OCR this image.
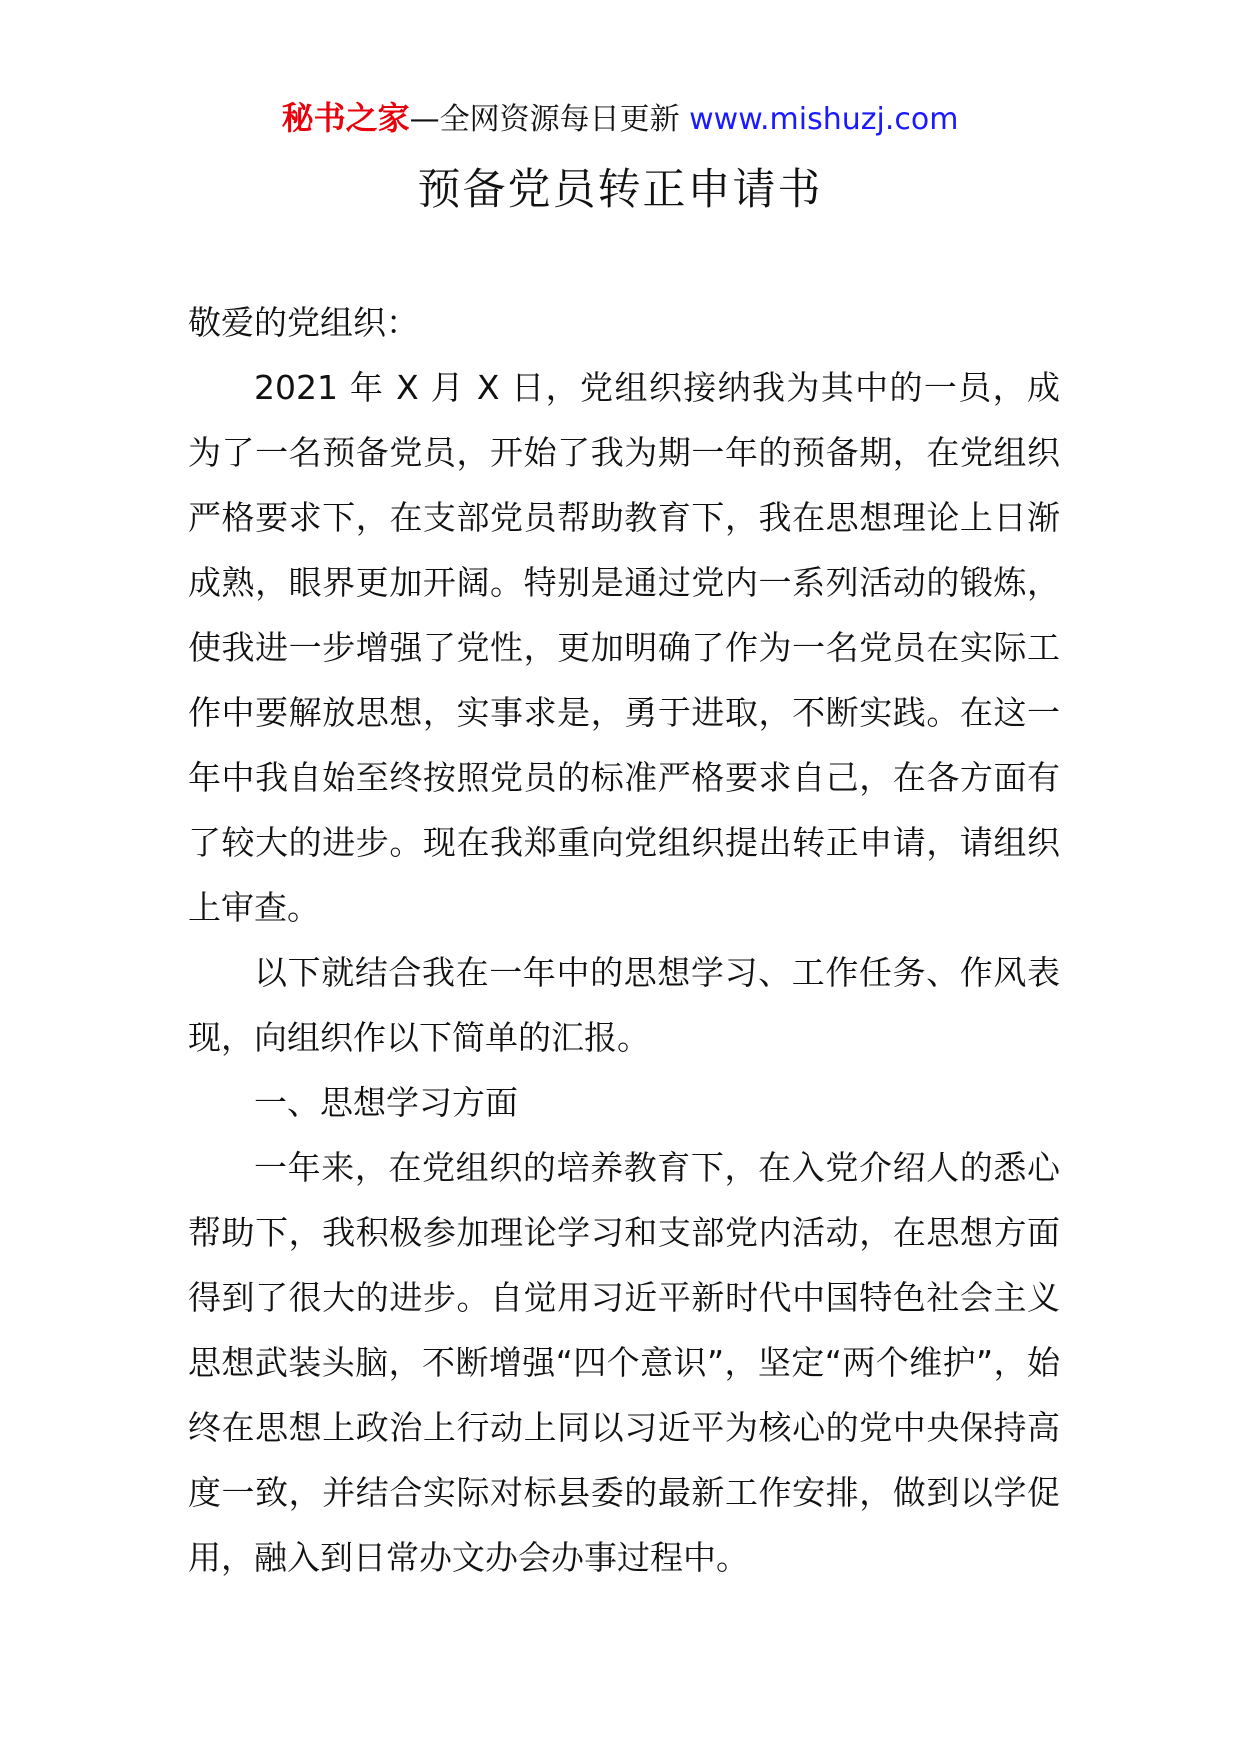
秘书之家—全网资源每日更新 www.mishuzj.com
预备党员转正申请书

敬爱的党组织：

2021 年 X 月 X 日，党组织接纳我为其中的一员，成为了一名预备党员，开始了我为期一年的预备期，在党组织严格要求下，在支部党员帮助教育下，我在思想理论上日渐成熟，眼界更加开阔。特别是通过党内一系列活动的锻炼，使我进一步增强了党性，更加明确了作为一名党员在实际工作中要解放思想，实事求是，勇于进取，不断实践。在这一年中我自始至终按照党员的标准严格要求自己，在各方面有了较大的进步。现在我郑重向党组织提出转正申请，请组织上审查。

以下就结合我在一年中的思想学习、工作任务、作风表现，向组织作以下简单的汇报。

一、思想学习方面

一年来，在党组织的培养教育下，在入党介绍人的悉心帮助下，我积极参加理论学习和支部党内活动，在思想方面得到了很大的进步。自觉用习近平新时代中国特色社会主义思想武装头脑，不断增强“四个意识”，坚定“两个维护”，始终在思想上政治上行动上同以习近平为核心的党中央保持高度一致，并结合实际对标县委的最新工作安排，做到以学促用，融入到日常办文办会办事过程中。
